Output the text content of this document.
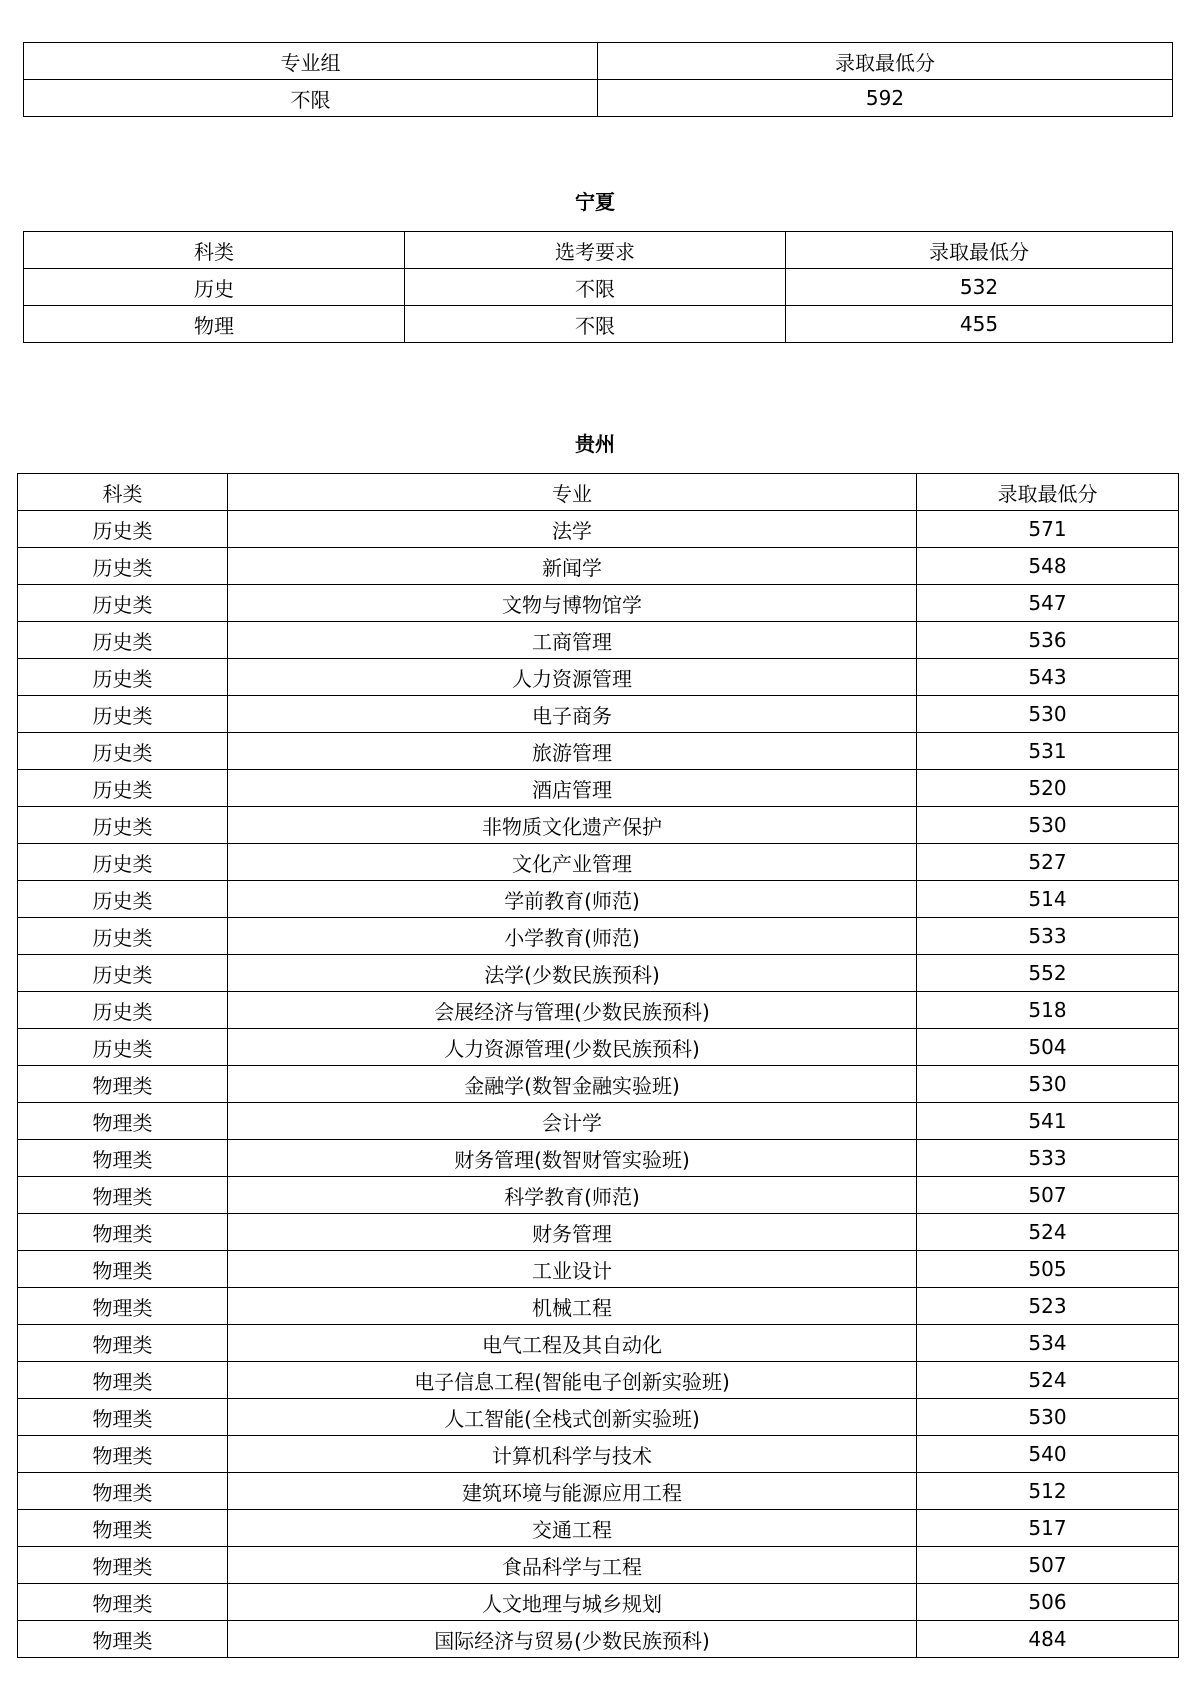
专业组	录取最低分
不限	592
宁夏
科类	选考要求	录取最低分
历史	不限	532
物理	不限	455
贵州
科类	专业	录取最低分
历史类	法学	571
历史类	新闻学	548
历史类	文物与博物馆学	547
历史类	工商管理	536
历史类	人力资源管理	543
历史类	电子商务	530
历史类	旅游管理	531
历史类	酒店管理	520
历史类	非物质文化遗产保护	530
历史类	文化产业管理	527
历史类	学前教育(师范)	514
历史类	小学教育(师范)	533
历史类	法学(少数民族预科)	552
历史类	会展经济与管理(少数民族预科)	518
历史类	人力资源管理(少数民族预科)	504
物理类	金融学(数智金融实验班)	530
物理类	会计学	541
物理类	财务管理(数智财管实验班)	533
物理类	科学教育(师范)	507
物理类	财务管理	524
物理类	工业设计	505
物理类	机械工程	523
物理类	电气工程及其自动化	534
物理类	电子信息工程(智能电子创新实验班)	524
物理类	人工智能(全栈式创新实验班)	530
物理类	计算机科学与技术	540
物理类	建筑环境与能源应用工程	512
物理类	交通工程	517
物理类	食品科学与工程	507
物理类	人文地理与城乡规划	506
物理类	国际经济与贸易(少数民族预科)	484
